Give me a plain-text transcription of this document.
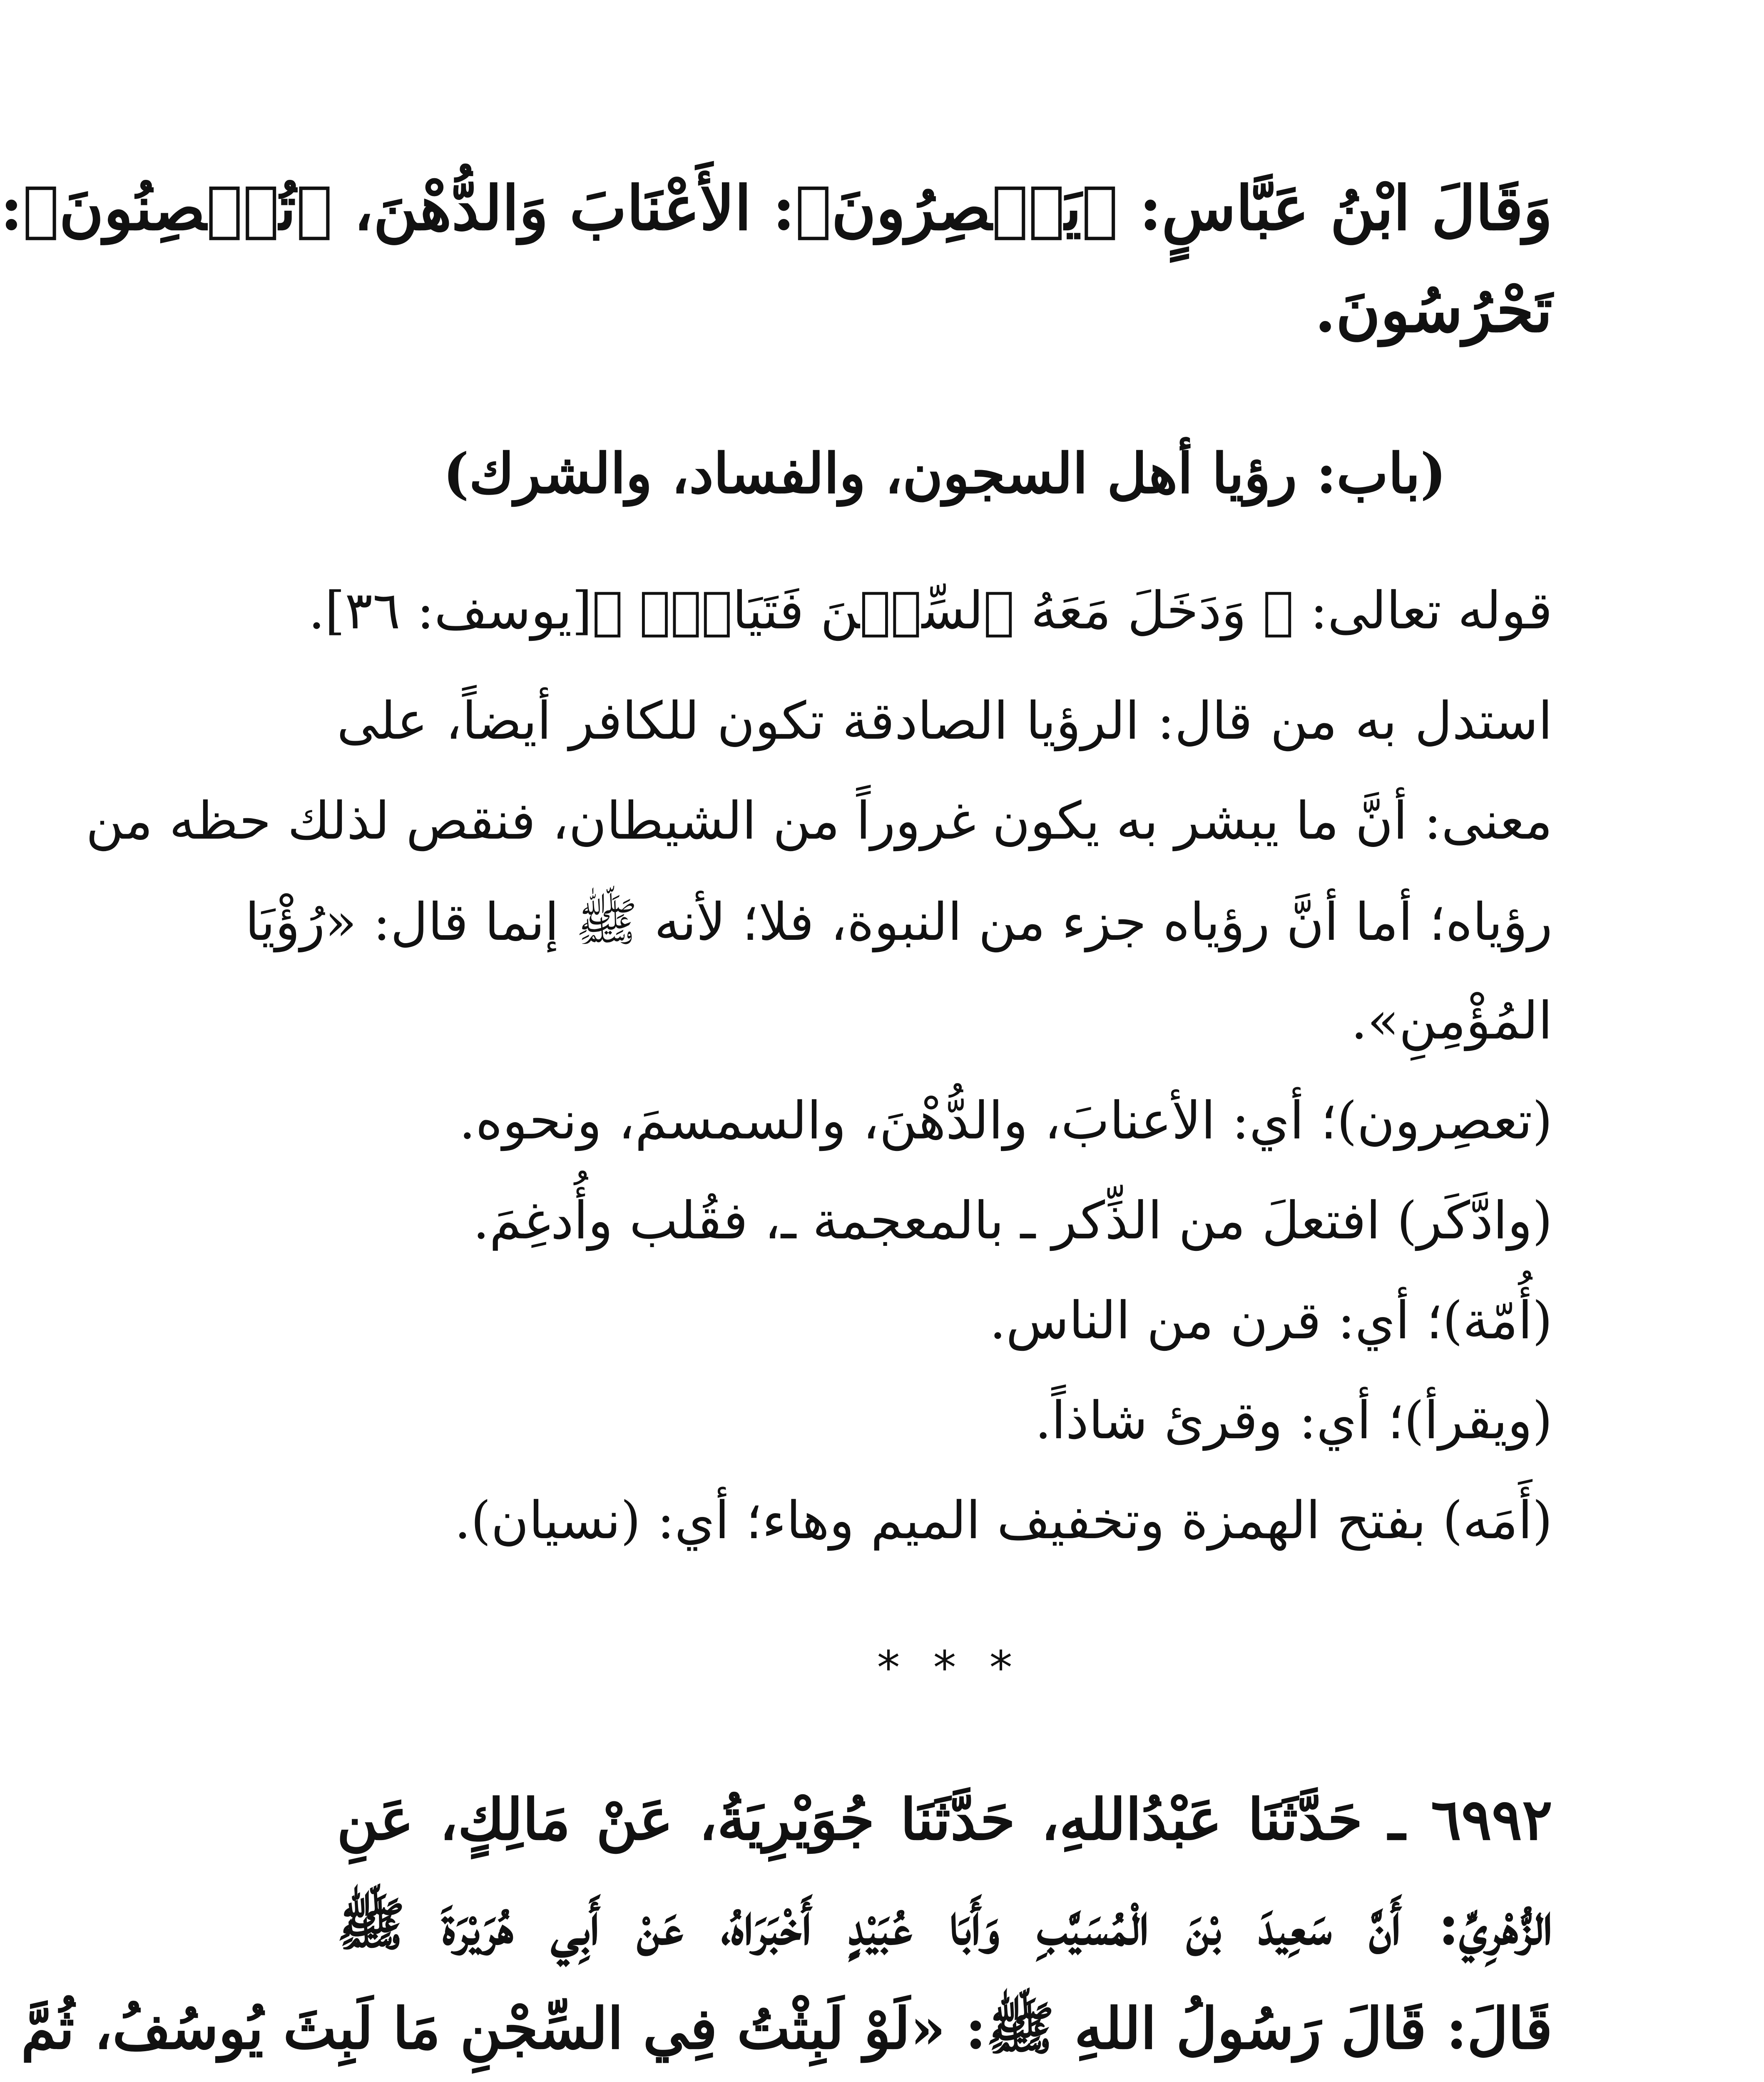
وَقَالَ ابْنُ عَبَّاسٍ: ﴿يَعۡصِرُونَ﴾: الأَعْنَابَ وَالدُّهْنَ، ﴿تُحۡصِنُونَ﴾:
تَحْرُسُونَ.
(باب: رؤيا أهل السجون، والفساد، والشرك)
قوله تعالى: ﴿ وَدَخَلَ مَعَهُ ٱلسِّجۡنَ فَتَيَانِۖ ﴾[يوسف: ٣٦].
استدل به من قال: الرؤيا الصادقة تكون للكافر أيضاً، على
معنى: أنَّ ما يبشر به يكون غروراً من الشيطان، فنقص لذلك حظه من
رؤياه؛ أما أنَّ رؤياه جزء من النبوة، فلا؛ لأنه ﷺ إنما قال: «رُؤْيَا
المُؤْمِنِ».
(تعصِرون)؛ أي: الأعنابَ، والدُّهْنَ، والسمسمَ، ونحوه.
(وادَّكَر) افتعلَ من الذِّكر ـ بالمعجمة ـ، فقُلب وأُدغِمَ.
(أُمّة)؛ أي: قرن من الناس.
(ويقرأ)؛ أي: وقرئ شاذاً.
(أَمَه) بفتح الهمزة وتخفيف الميم وهاء؛ أي: (نسيان).
* * *
٦٩٩٢ ـ حَدَّثَنَا عَبْدُاللهِ، حَدَّثَنَا جُوَيْرِيَةُ، عَنْ مَالِكٍ، عَنِ
الزُّهْرِيِّ: أَنَّ سَعِيدَ بْنَ الْمُسَيَّبِ وَأَبَا عُبَيْدٍ أَخْبَرَاهُ، عَنْ أَبِي هُرَيْرَةَ ﷺ
قَالَ: قَالَ رَسُولُ اللهِ ﷺ: «لَوْ لَبِثْتُ فِي السِّجْنِ مَا لَبِثَ يُوسُفُ، ثُمَّ
